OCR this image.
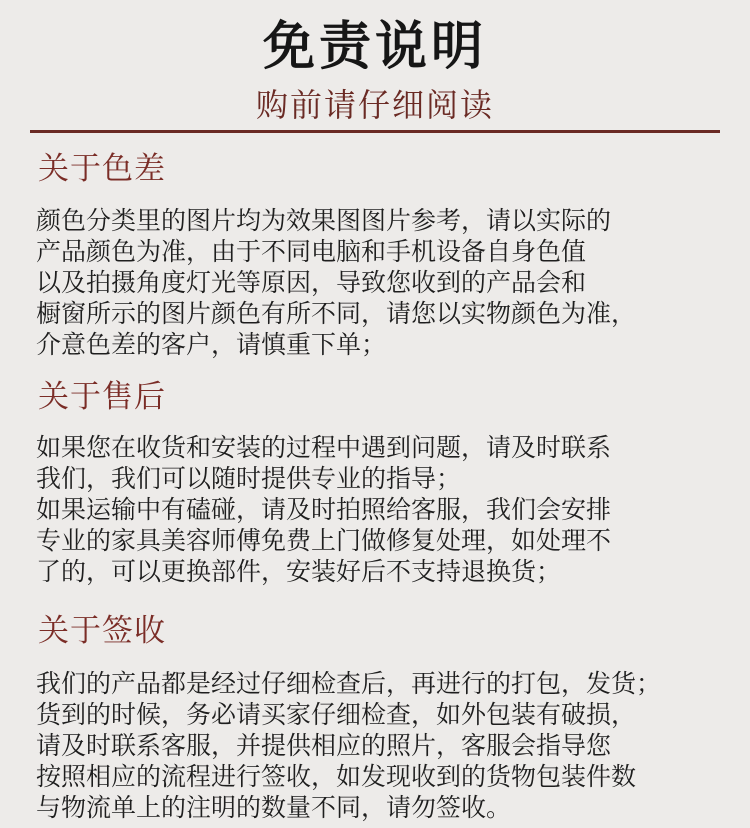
免责说明
购前请仔细阅读
关于色差
颜色分类里的图片均为效果图图片参考，请以实际的
产品颜色为准，由于不同电脑和手机设备自身色值
以及拍摄角度灯光等原因，导致您收到的产品会和
橱窗所示的图片颜色有所不同，请您以实物颜色为准，
介意色差的客户，请慎重下单；
关于售后
如果您在收货和安装的过程中遇到问题，请及时联系
我们，我们可以随时提供专业的指导；
如果运输中有磕碰，请及时拍照给客服，我们会安排
专业的家具美容师傅免费上门做修复处理，如处理不
了的，可以更换部件，安装好后不支持退换货；
关于签收
我们的产品都是经过仔细检查后，再进行的打包，发货；
货到的时候，务必请买家仔细检查，如外包装有破损，
请及时联系客服，并提供相应的照片，客服会指导您
按照相应的流程进行签收，如发现收到的货物包装件数
与物流单上的注明的数量不同，请勿签收。
